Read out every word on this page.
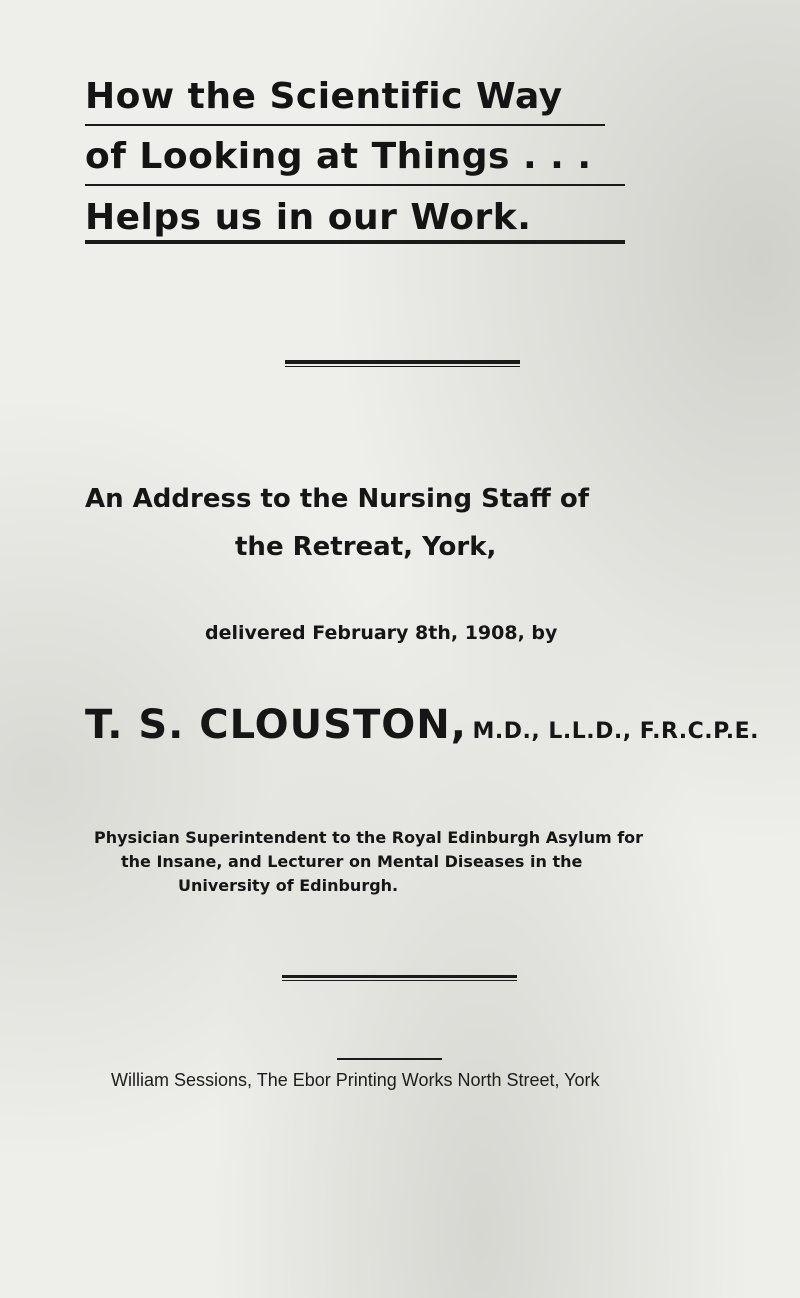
How the Scientific Way
of Looking at Things . . .
Helps us in our Work.
An Address to the Nursing Staff of
the Retreat, York,
delivered February 8th, 1908, by
T. S. CLOUSTON, M.D., L.L.D., F.R.C.P.E.
Physician Superintendent to the Royal Edinburgh Asylum for
the Insane, and Lecturer on Mental Diseases in the
University of Edinburgh.
William Sessions, The Ebor Printing Works North Street, York
